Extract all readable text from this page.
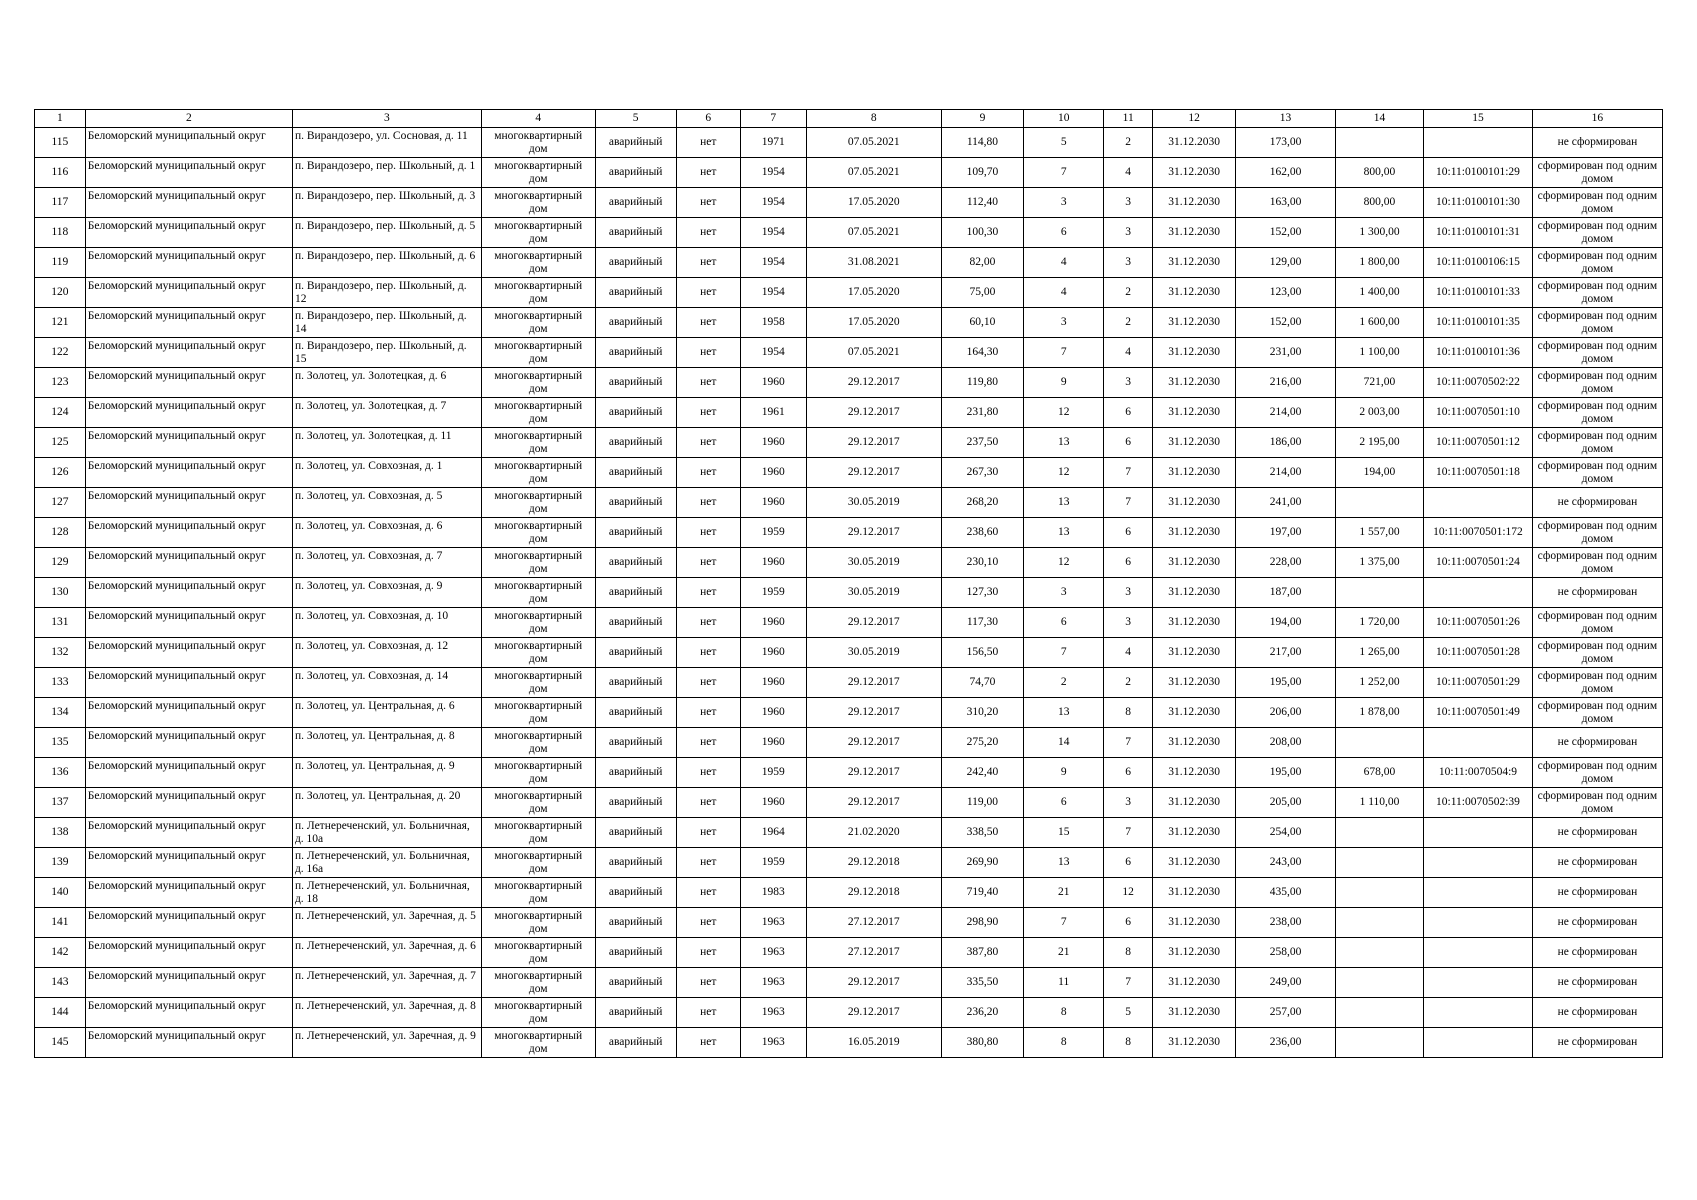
1	2	3	4	5	6	7	8	9	10	11	12	13	14	15	16
115	Беломорский муниципальный округ	п. Вирандозеро, ул. Сосновая, д. 11	многоквартирный дом	аварийный	нет	1971	07.05.2021	114,80	5	2	31.12.2030	173,00			не сформирован
116	Беломорский муниципальный округ	п. Вирандозеро, пер. Школьный, д. 1	многоквартирный дом	аварийный	нет	1954	07.05.2021	109,70	7	4	31.12.2030	162,00	800,00	10:11:0100101:29	сформирован под одним домом
117	Беломорский муниципальный округ	п. Вирандозеро, пер. Школьный, д. 3	многоквартирный дом	аварийный	нет	1954	17.05.2020	112,40	3	3	31.12.2030	163,00	800,00	10:11:0100101:30	сформирован под одним домом
118	Беломорский муниципальный округ	п. Вирандозеро, пер. Школьный, д. 5	многоквартирный дом	аварийный	нет	1954	07.05.2021	100,30	6	3	31.12.2030	152,00	1 300,00	10:11:0100101:31	сформирован под одним домом
119	Беломорский муниципальный округ	п. Вирандозеро, пер. Школьный, д. 6	многоквартирный дом	аварийный	нет	1954	31.08.2021	82,00	4	3	31.12.2030	129,00	1 800,00	10:11:0100106:15	сформирован под одним домом
120	Беломорский муниципальный округ	п. Вирандозеро, пер. Школьный, д. 12	многоквартирный дом	аварийный	нет	1954	17.05.2020	75,00	4	2	31.12.2030	123,00	1 400,00	10:11:0100101:33	сформирован под одним домом
121	Беломорский муниципальный округ	п. Вирандозеро, пер. Школьный, д. 14	многоквартирный дом	аварийный	нет	1958	17.05.2020	60,10	3	2	31.12.2030	152,00	1 600,00	10:11:0100101:35	сформирован под одним домом
122	Беломорский муниципальный округ	п. Вирандозеро, пер. Школьный, д. 15	многоквартирный дом	аварийный	нет	1954	07.05.2021	164,30	7	4	31.12.2030	231,00	1 100,00	10:11:0100101:36	сформирован под одним домом
123	Беломорский муниципальный округ	п. Золотец, ул. Золотецкая, д. 6	многоквартирный дом	аварийный	нет	1960	29.12.2017	119,80	9	3	31.12.2030	216,00	721,00	10:11:0070502:22	сформирован под одним домом
124	Беломорский муниципальный округ	п. Золотец, ул. Золотецкая, д. 7	многоквартирный дом	аварийный	нет	1961	29.12.2017	231,80	12	6	31.12.2030	214,00	2 003,00	10:11:0070501:10	сформирован под одним домом
125	Беломорский муниципальный округ	п. Золотец, ул. Золотецкая, д. 11	многоквартирный дом	аварийный	нет	1960	29.12.2017	237,50	13	6	31.12.2030	186,00	2 195,00	10:11:0070501:12	сформирован под одним домом
126	Беломорский муниципальный округ	п. Золотец, ул. Совхозная, д. 1	многоквартирный дом	аварийный	нет	1960	29.12.2017	267,30	12	7	31.12.2030	214,00	194,00	10:11:0070501:18	сформирован под одним домом
127	Беломорский муниципальный округ	п. Золотец, ул. Совхозная, д. 5	многоквартирный дом	аварийный	нет	1960	30.05.2019	268,20	13	7	31.12.2030	241,00			не сформирован
128	Беломорский муниципальный округ	п. Золотец, ул. Совхозная, д. 6	многоквартирный дом	аварийный	нет	1959	29.12.2017	238,60	13	6	31.12.2030	197,00	1 557,00	10:11:0070501:172	сформирован под одним домом
129	Беломорский муниципальный округ	п. Золотец, ул. Совхозная, д. 7	многоквартирный дом	аварийный	нет	1960	30.05.2019	230,10	12	6	31.12.2030	228,00	1 375,00	10:11:0070501:24	сформирован под одним домом
130	Беломорский муниципальный округ	п. Золотец, ул. Совхозная, д. 9	многоквартирный дом	аварийный	нет	1959	30.05.2019	127,30	3	3	31.12.2030	187,00			не сформирован
131	Беломорский муниципальный округ	п. Золотец, ул. Совхозная, д. 10	многоквартирный дом	аварийный	нет	1960	29.12.2017	117,30	6	3	31.12.2030	194,00	1 720,00	10:11:0070501:26	сформирован под одним домом
132	Беломорский муниципальный округ	п. Золотец, ул. Совхозная, д. 12	многоквартирный дом	аварийный	нет	1960	30.05.2019	156,50	7	4	31.12.2030	217,00	1 265,00	10:11:0070501:28	сформирован под одним домом
133	Беломорский муниципальный округ	п. Золотец, ул. Совхозная, д. 14	многоквартирный дом	аварийный	нет	1960	29.12.2017	74,70	2	2	31.12.2030	195,00	1 252,00	10:11:0070501:29	сформирован под одним домом
134	Беломорский муниципальный округ	п. Золотец, ул. Центральная, д. 6	многоквартирный дом	аварийный	нет	1960	29.12.2017	310,20	13	8	31.12.2030	206,00	1 878,00	10:11:0070501:49	сформирован под одним домом
135	Беломорский муниципальный округ	п. Золотец, ул. Центральная, д. 8	многоквартирный дом	аварийный	нет	1960	29.12.2017	275,20	14	7	31.12.2030	208,00			не сформирован
136	Беломорский муниципальный округ	п. Золотец, ул. Центральная, д. 9	многоквартирный дом	аварийный	нет	1959	29.12.2017	242,40	9	6	31.12.2030	195,00	678,00	10:11:0070504:9	сформирован под одним домом
137	Беломорский муниципальный округ	п. Золотец, ул. Центральная, д. 20	многоквартирный дом	аварийный	нет	1960	29.12.2017	119,00	6	3	31.12.2030	205,00	1 110,00	10:11:0070502:39	сформирован под одним домом
138	Беломорский муниципальный округ	п. Летнереченский, ул. Больничная, д. 10а	многоквартирный дом	аварийный	нет	1964	21.02.2020	338,50	15	7	31.12.2030	254,00			не сформирован
139	Беломорский муниципальный округ	п. Летнереченский, ул. Больничная, д. 16а	многоквартирный дом	аварийный	нет	1959	29.12.2018	269,90	13	6	31.12.2030	243,00			не сформирован
140	Беломорский муниципальный округ	п. Летнереченский, ул. Больничная, д. 18	многоквартирный дом	аварийный	нет	1983	29.12.2018	719,40	21	12	31.12.2030	435,00			не сформирован
141	Беломорский муниципальный округ	п. Летнереченский, ул. Заречная, д. 5	многоквартирный дом	аварийный	нет	1963	27.12.2017	298,90	7	6	31.12.2030	238,00			не сформирован
142	Беломорский муниципальный округ	п. Летнереченский, ул. Заречная, д. 6	многоквартирный дом	аварийный	нет	1963	27.12.2017	387,80	21	8	31.12.2030	258,00			не сформирован
143	Беломорский муниципальный округ	п. Летнереченский, ул. Заречная, д. 7	многоквартирный дом	аварийный	нет	1963	29.12.2017	335,50	11	7	31.12.2030	249,00			не сформирован
144	Беломорский муниципальный округ	п. Летнереченский, ул. Заречная, д. 8	многоквартирный дом	аварийный	нет	1963	29.12.2017	236,20	8	5	31.12.2030	257,00			не сформирован
145	Беломорский муниципальный округ	п. Летнереченский, ул. Заречная, д. 9	многоквартирный дом	аварийный	нет	1963	16.05.2019	380,80	8	8	31.12.2030	236,00			не сформирован
